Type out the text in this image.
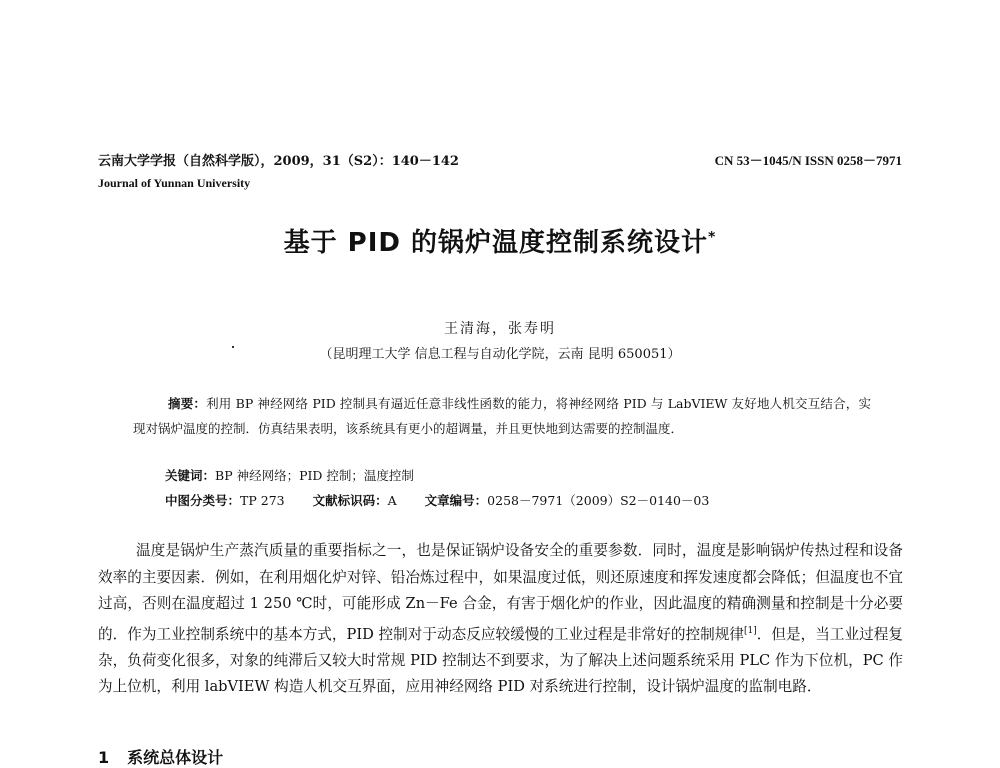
云南大学学报（自然科学版），2009，31（S2）：140－142	CN 53－1045/N ISSN 0258－7971
Journal of Yunnan University
基于 PID 的锅炉温度控制系统设计*
王清海，张寿明
（昆明理工大学 信息工程与自动化学院，云南 昆明 650051）
摘要：利用 BP 神经网络 PID 控制具有逼近任意非线性函数的能力，将神经网络 PID 与 LabVIEW 友好地人机交互结合，实现对锅炉温度的控制．仿真结果表明，该系统具有更小的超调量，并且更快地到达需要的控制温度．
关键词：BP 神经网络；PID 控制；温度控制
中图分类号：TP 273 文献标识码：A 文章编号：0258－7971（2009）S2－0140－03
温度是锅炉生产蒸汽质量的重要指标之一，也是保证锅炉设备安全的重要参数．同时，温度是影响锅炉传热过程和设备效率的主要因素．例如，在利用烟化炉对锌、铅冶炼过程中，如果温度过低，则还原速度和挥发速度都会降低；但温度也不宜过高，否则在温度超过 1 250 ℃时，可能形成 Zn－Fe 合金，有害于烟化炉的作业，因此温度的精确测量和控制是十分必要的．作为工业控制系统中的基本方式，PID 控制对于动态反应较缓慢的工业过程是非常好的控制规律[1]．但是，当工业过程复杂，负荷变化很多，对象的纯滞后又较大时常规 PID 控制达不到要求，为了解决上述问题系统采用 PLC 作为下位机，PC 作为上位机，利用 labVIEW 构造人机交互界面，应用神经网络 PID 对系统进行控制，设计锅炉温度的监制电路．
1 系统总体设计
